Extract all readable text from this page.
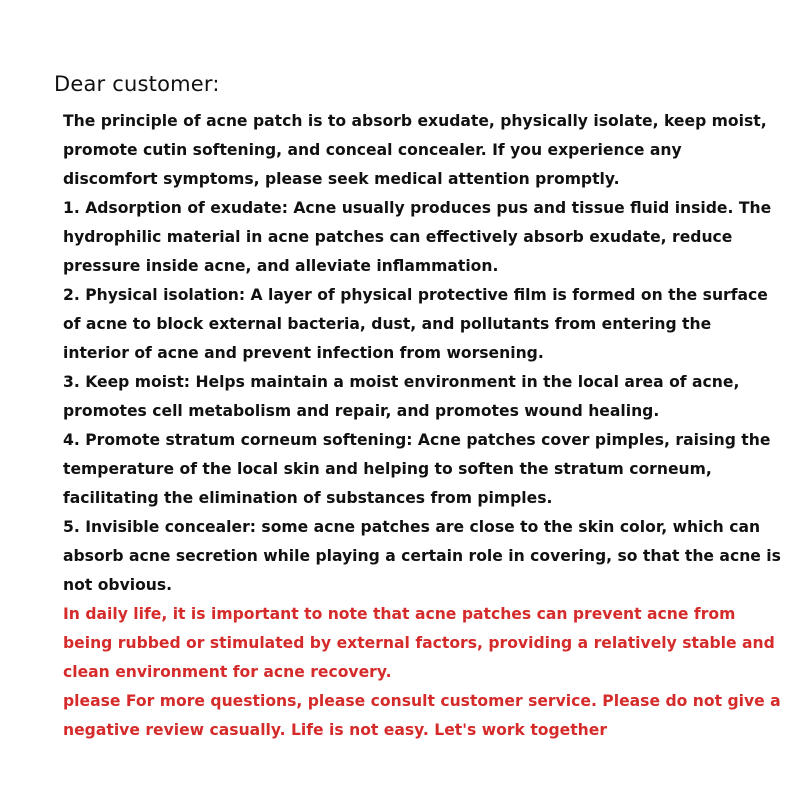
Dear customer:
The principle of acne patch is to absorb exudate, physically isolate, keep moist,
promote cutin softening, and conceal concealer. If you experience any
discomfort symptoms, please seek medical attention promptly.
1. Adsorption of exudate: Acne usually produces pus and tissue fluid inside. The
hydrophilic material in acne patches can effectively absorb exudate, reduce
pressure inside acne, and alleviate inflammation.
2. Physical isolation: A layer of physical protective film is formed on the surface
of acne to block external bacteria, dust, and pollutants from entering the
interior of acne and prevent infection from worsening.
3. Keep moist: Helps maintain a moist environment in the local area of acne,
promotes cell metabolism and repair, and promotes wound healing.
4. Promote stratum corneum softening: Acne patches cover pimples, raising the
temperature of the local skin and helping to soften the stratum corneum,
facilitating the elimination of substances from pimples.
5. Invisible concealer: some acne patches are close to the skin color, which can
absorb acne secretion while playing a certain role in covering, so that the acne is
not obvious.
In daily life, it is important to note that acne patches can prevent acne from
being rubbed or stimulated by external factors, providing a relatively stable and
clean environment for acne recovery.
please For more questions, please consult customer service. Please do not give a
negative review casually. Life is not easy. Let's work together
